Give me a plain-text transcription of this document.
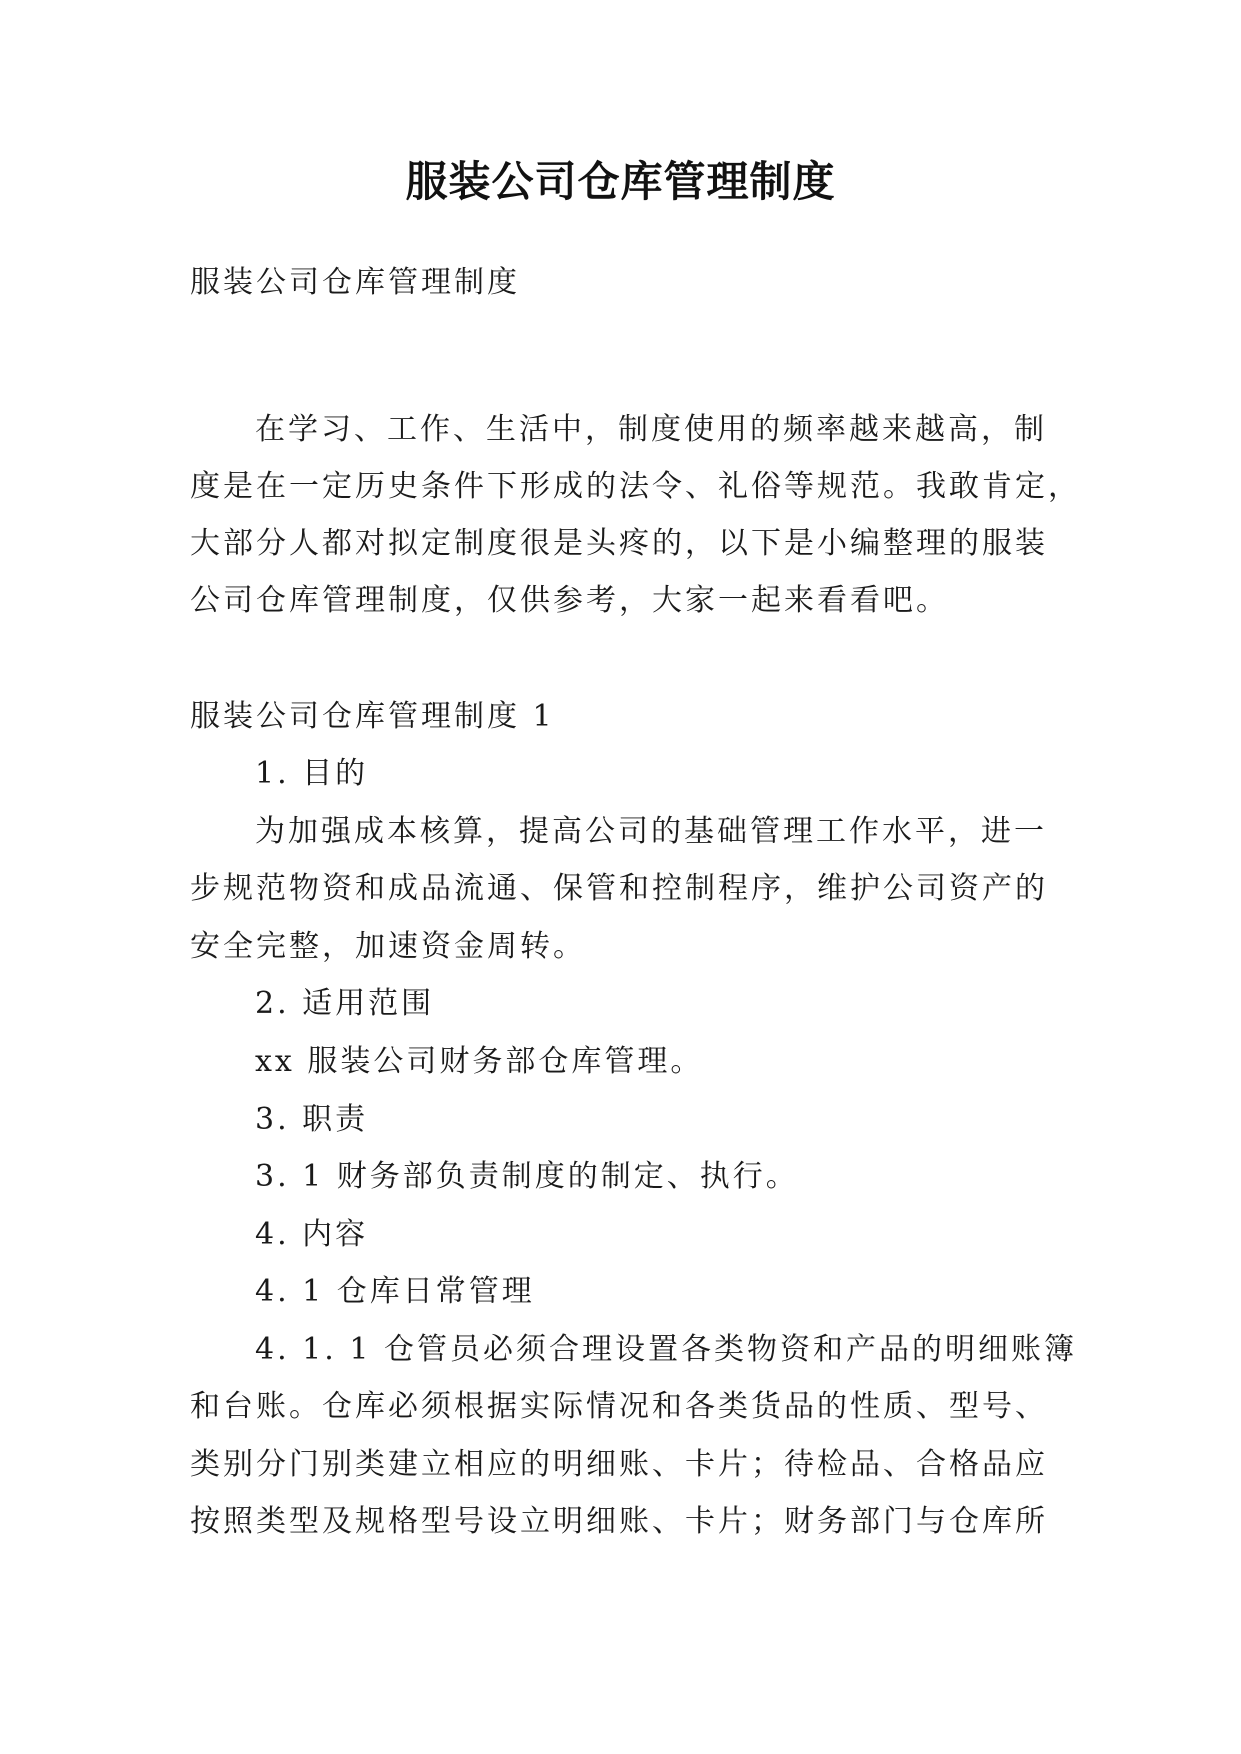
服装公司仓库管理制度
服装公司仓库管理制度
在学习、工作、生活中，制度使用的频率越来越高，制
度是在一定历史条件下形成的法令、礼俗等规范。我敢肯定，
大部分人都对拟定制度很是头疼的，以下是小编整理的服装
公司仓库管理制度，仅供参考，大家一起来看看吧。
服装公司仓库管理制度 1
1. 目的
为加强成本核算，提高公司的基础管理工作水平，进一
步规范物资和成品流通、保管和控制程序，维护公司资产的
安全完整，加速资金周转。
2. 适用范围
xx 服装公司财务部仓库管理。
3. 职责
3. 1 财务部负责制度的制定、执行。
4. 内容
4. 1 仓库日常管理
4. 1. 1 仓管员必须合理设置各类物资和产品的明细账簿
和台账。仓库必须根据实际情况和各类货品的性质、型号、
类别分门别类建立相应的明细账、卡片；待检品、合格品应
按照类型及规格型号设立明细账、卡片；财务部门与仓库所
